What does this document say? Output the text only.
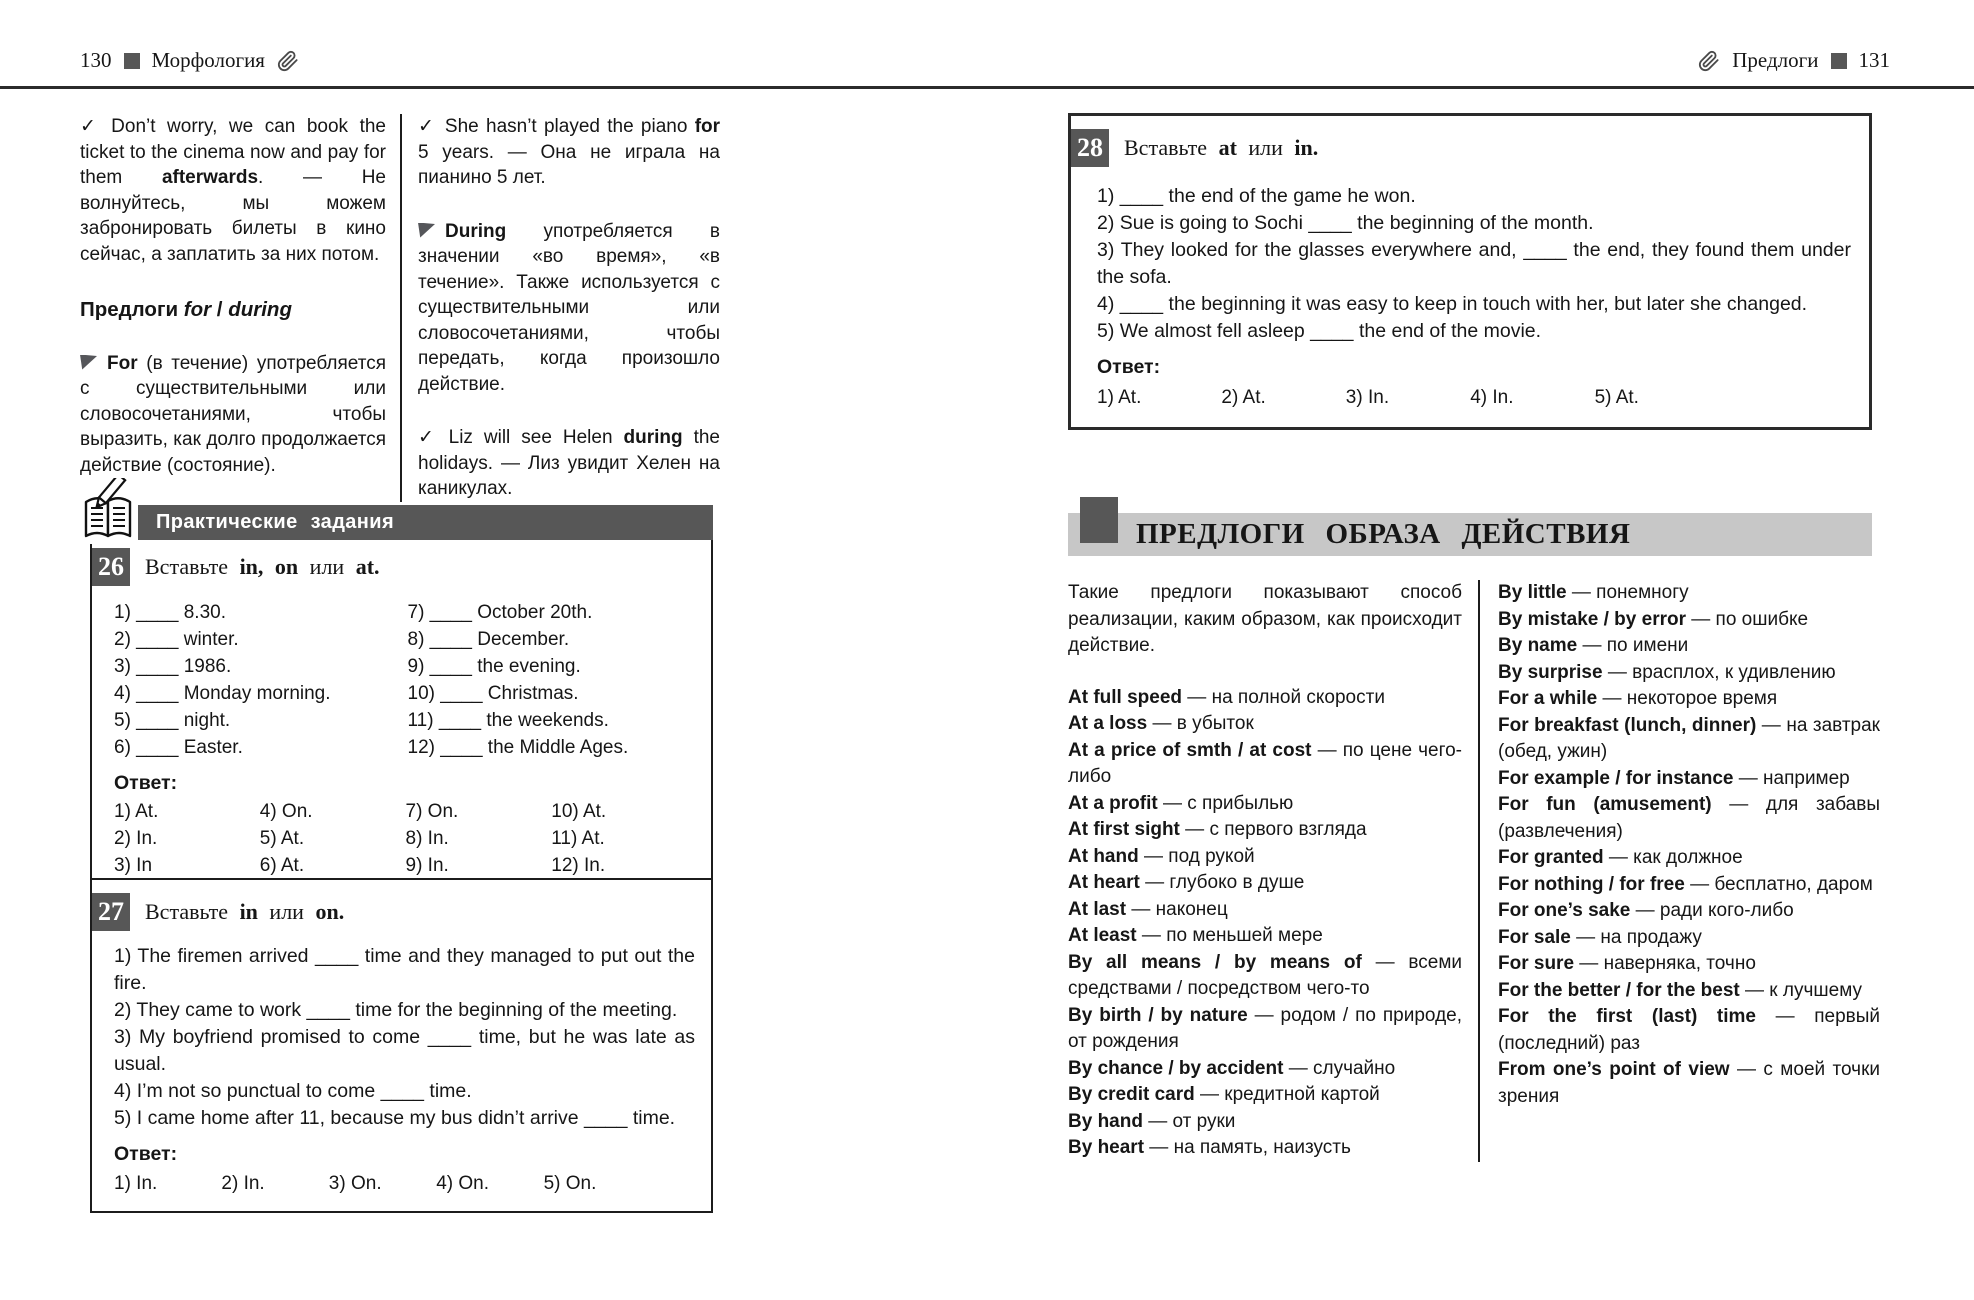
130 Морфология	Предлоги 131

✓ Don’t worry, we can book the ticket to the cinema now and pay for them afterwards. — Не волнуйтесь, мы можем забронировать билеты в кино сейчас, а заплатить за них потом.

Предлоги for / during

For (в течение) употребляется с существительными или словосочетаниями, чтобы выразить, как долго продолжается действие (состояние).

✓ She hasn’t played the piano for 5 years. — Она не играла на пианино 5 лет.

During употребляется в значении «во время», «в течение». Также используется с существительными или словосочетаниями, чтобы передать, когда произошло действие.

✓ Liz will see Helen during the holidays. — Лиз увидит Хелен на каникулах.

Практические задания
26 Вставьте in, on или at.
1) ____ 8.30.
2) ____ winter.
3) ____ 1986.
4) ____ Monday morning.
5) ____ night.
6) ____ Easter.
7) ____ October 20th.
8) ____ December.
9) ____ the evening.
10) ____ Christmas.
11) ____ the weekends.
12) ____ the Middle Ages.
Ответ:
1) At.
2) In.
3) In
4) On.
5) At.
6) At.
7) On.
8) In.
9) In.
10) At.
11) At.
12) In.
27 Вставьте in или on.
1) The firemen arrived ____ time and they managed to put out the fire.
2) They came to work ____ time for the beginning of the meeting.
3) My boyfriend promised to come ____ time, but he was late as usual.
4) I’m not so punctual to come ____ time.
5) I came home after 11, because my bus didn’t arrive ____ time.
Ответ:
1) In.	2) In.	3) On.	4) On.	5) On.
28 Вставьте at или in.
1) ____ the end of the game he won.
2) Sue is going to Sochi ____ the beginning of the month.
3) They looked for the glasses everywhere and, ____ the end, they found them under the sofa.
4) ____ the beginning it was easy to keep in touch with her, but later she changed.
5) We almost fell asleep ____ the end of the movie.
Ответ:
1) At.	2) At.	3) In.	4) In.	5) At.
ПРЕДЛОГИ ОБРАЗА ДЕЙСТВИЯ

Такие предлоги показывают способ реализации, каким образом, как происходит действие.

At full speed — на полной скорости
At a loss — в убыток
At a price of smth / at cost — по цене чего-либо
At a profit — с прибылью
At first sight — с первого взгляда
At hand — под рукой
At heart — глубоко в душе
At last — наконец
At least — по меньшей мере
By all means / by means of — всеми средствами / посредством чего-то
By birth / by nature — родом / по природе, от рождения
By chance / by accident — случайно
By credit card — кредитной картой
By hand — от руки
By heart — на память, наизусть
By little — понемногу
By mistake / by error — по ошибке
By name — по имени
By surprise — врасплох, к удивлению
For a while — некоторое время
For breakfast (lunch, dinner) — на завтрак (обед, ужин)
For example / for instance — например
For fun (amusement) — для забавы (развлечения)
For granted — как должное
For nothing / for free — бесплатно, даром
For one’s sake — ради кого-либо
For sale — на продажу
For sure — наверняка, точно
For the better / for the best — к лучшему
For the first (last) time — первый (последний) раз
From one’s point of view — с моей точки зрения
